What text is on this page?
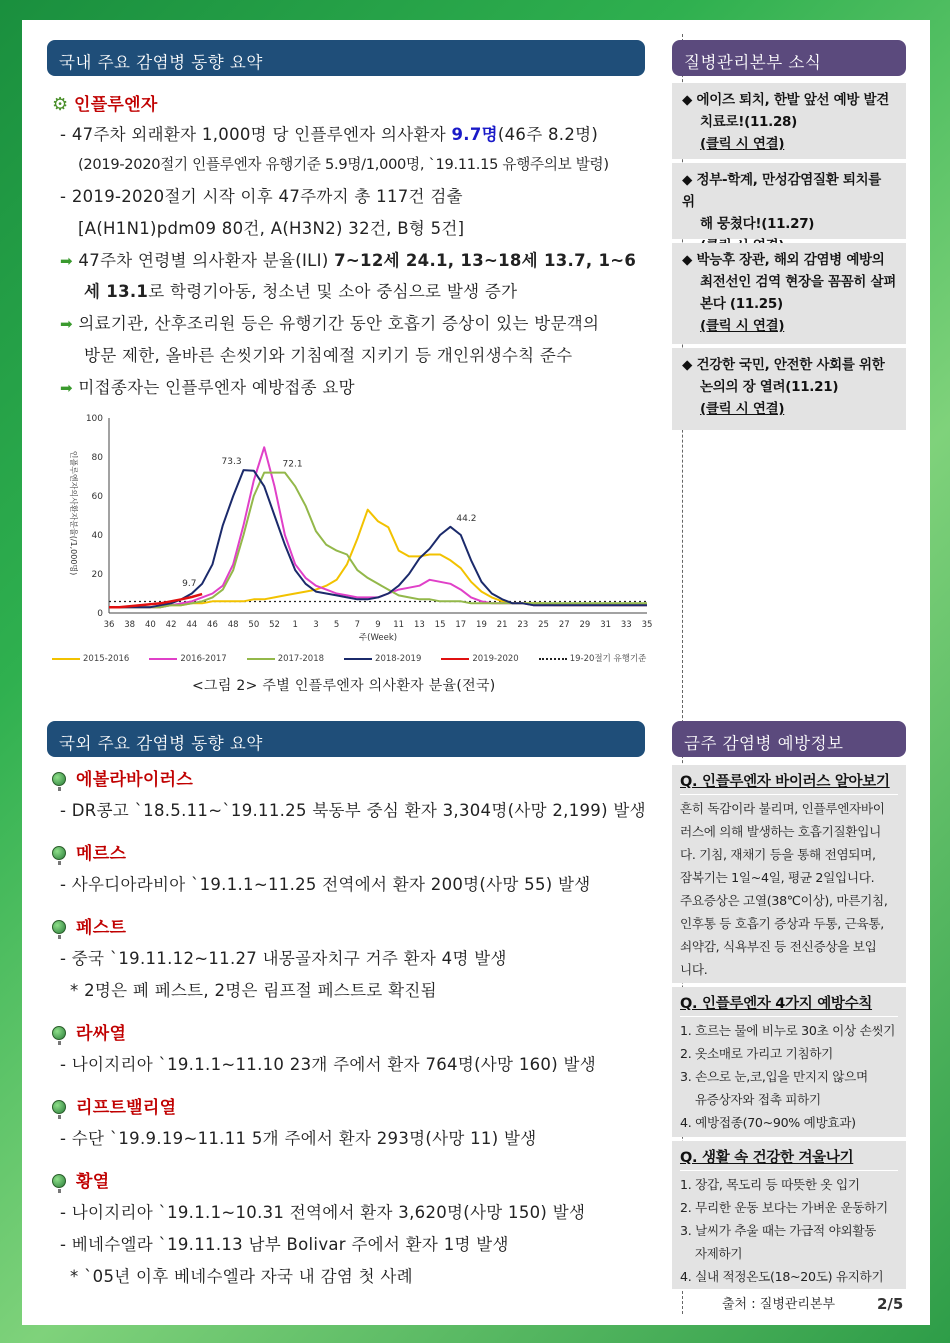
국내 주요 감염병 동향 요약
⚙ 인플루엔자
- 47주차 외래환자 1,000명 당 인플루엔자 의사환자 9.7명(46주 8.2명)
(2019-2020절기 인플루엔자 유행기준 5.9명/1,000명, `19.11.15 유행주의보 발령)
- 2019-2020절기 시작 이후 47주까지 총 117건 검출
[A(H1N1)pdm09 80건, A(H3N2) 32건, B형 5건]
➡ 47주차 연령별 의사환자 분율(ILI) 7~12세 24.1, 13~18세 13.7, 1~6
세 13.1로 학령기아동, 청소년 및 소아 중심으로 발생 증가
➡ 의료기관, 산후조리원 등은 유행기간 동안 호흡기 증상이 있는 방문객의
방문 제한, 올바른 손씻기와 기침예절 지키기 등 개인위생수칙 준수
➡ 미접종자는 인플루엔자 예방접종 요망
0
20
40
60
80
100
36 38 40 42 44 46 48 50 52 1 3 5 7 9 11 13 15 17 19 21 23 25 27 29 31 33 35
주(Week)
인플루엔자의사환자분율(/1,000명)	73.3	72.1
44.2
9.7
2015-2016	2016-2017	2017-2018	2018-2019	2019-2020	19-20절기 유행기준
<그림 2> 주별 인플루엔자 의사환자 분율(전국)
국외 주요 감염병 동향 요약
에볼라바이러스
- DR콩고 `18.5.11~`19.11.25 북동부 중심 환자 3,304명(사망 2,199) 발생
메르스
- 사우디아라비아 `19.1.1~11.25 전역에서 환자 200명(사망 55) 발생
페스트
- 중국 `19.11.12~11.27 내몽골자치구 거주 환자 4명 발생
* 2명은 폐 페스트, 2명은 림프절 페스트로 확진됨
라싸열
- 나이지리아 `19.1.1~11.10 23개 주에서 환자 764명(사망 160) 발생
리프트밸리열
- 수단 `19.9.19~11.11 5개 주에서 환자 293명(사망 11) 발생
황열
- 나이지리아 `19.1.1~10.31 전역에서 환자 3,620명(사망 150) 발생
- 베네수엘라 `19.11.13 남부 Bolivar 주에서 환자 1명 발생
* `05년 이후 베네수엘라 자국 내 감염 첫 사례
질병관리본부 소식
◆ 에이즈 퇴치, 한발 앞선 예방 발견
치료로!(11.28)
(클릭 시 연결)
◆ 정부-학계, 만성감염질환 퇴치를 위
해 뭉쳤다!(11.27)
◆ 박능후 장관, 해외 감염병 예방의
최전선인 검역 현장을 꼼꼼히 살펴
본다 (11.25)
(클릭 시 연결)
◆ 건강한 국민, 안전한 사회를 위한
논의의 장 열려(11.21)
(클릭 시 연결)
금주 감염병 예방정보
Q. 인플루엔자 바이러스 알아보기
흔히 독감이라 불리며, 인플루엔자바이
러스에 의해 발생하는 호흡기질환입니
다. 기침, 재채기 등을 통해 전염되며,
잠복기는 1일~4일, 평균 2일입니다.
주요증상은 고열(38℃이상), 마른기침,
인후통 등 호흡기 증상과 두통, 근육통,
쇠약감, 식욕부진 등 전신증상을 보입
니다.
Q. 인플루엔자 4가지 예방수칙
1. 흐르는 물에 비누로 30초 이상 손씻기
2. 옷소매로 가리고 기침하기
3. 손으로 눈,코,입을 만지지 않으며
유증상자와 접촉 피하기
4. 예방접종(70~90% 예방효과)
Q. 생활 속 건강한 겨울나기
1. 장갑, 목도리 등 따뜻한 옷 입기
2. 무리한 운동 보다는 가벼운 운동하기
3. 날씨가 추울 때는 가급적 야외활동
자제하기
4. 실내 적정온도(18~20도) 유지하기
출처 : 질병관리본부	2/5
